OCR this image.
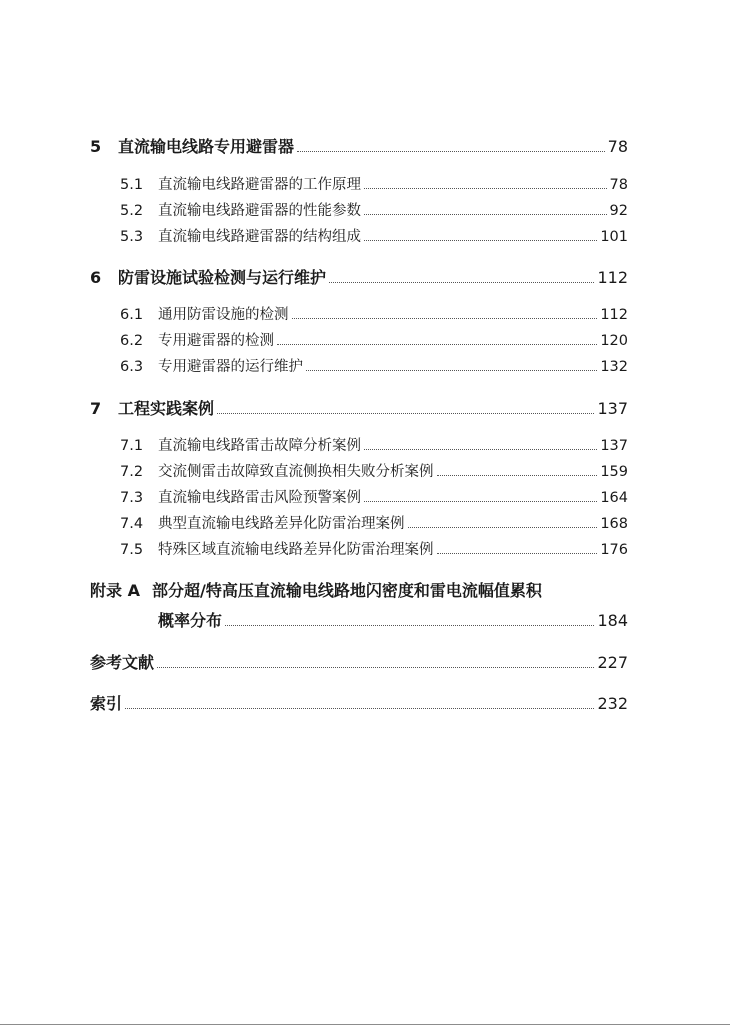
5	直流输电线路专用避雷器	78
5.1	直流输电线路避雷器的工作原理	78
5.2	直流输电线路避雷器的性能参数	92
5.3	直流输电线路避雷器的结构组成	101
6	防雷设施试验检测与运行维护	112
6.1	通用防雷设施的检测	112
6.2	专用避雷器的检测	120
6.3	专用避雷器的运行维护	132
7	工程实践案例	137
7.1	直流输电线路雷击故障分析案例	137
7.2	交流侧雷击故障致直流侧换相失败分析案例	159
7.3	直流输电线路雷击风险预警案例	164
7.4	典型直流输电线路差异化防雷治理案例	168
7.5	特殊区域直流输电线路差异化防雷治理案例	176
附录 A 部分超/特高压直流输电线路地闪密度和雷电流幅值累积
概率分布	184
参考文献	227
索引	232
